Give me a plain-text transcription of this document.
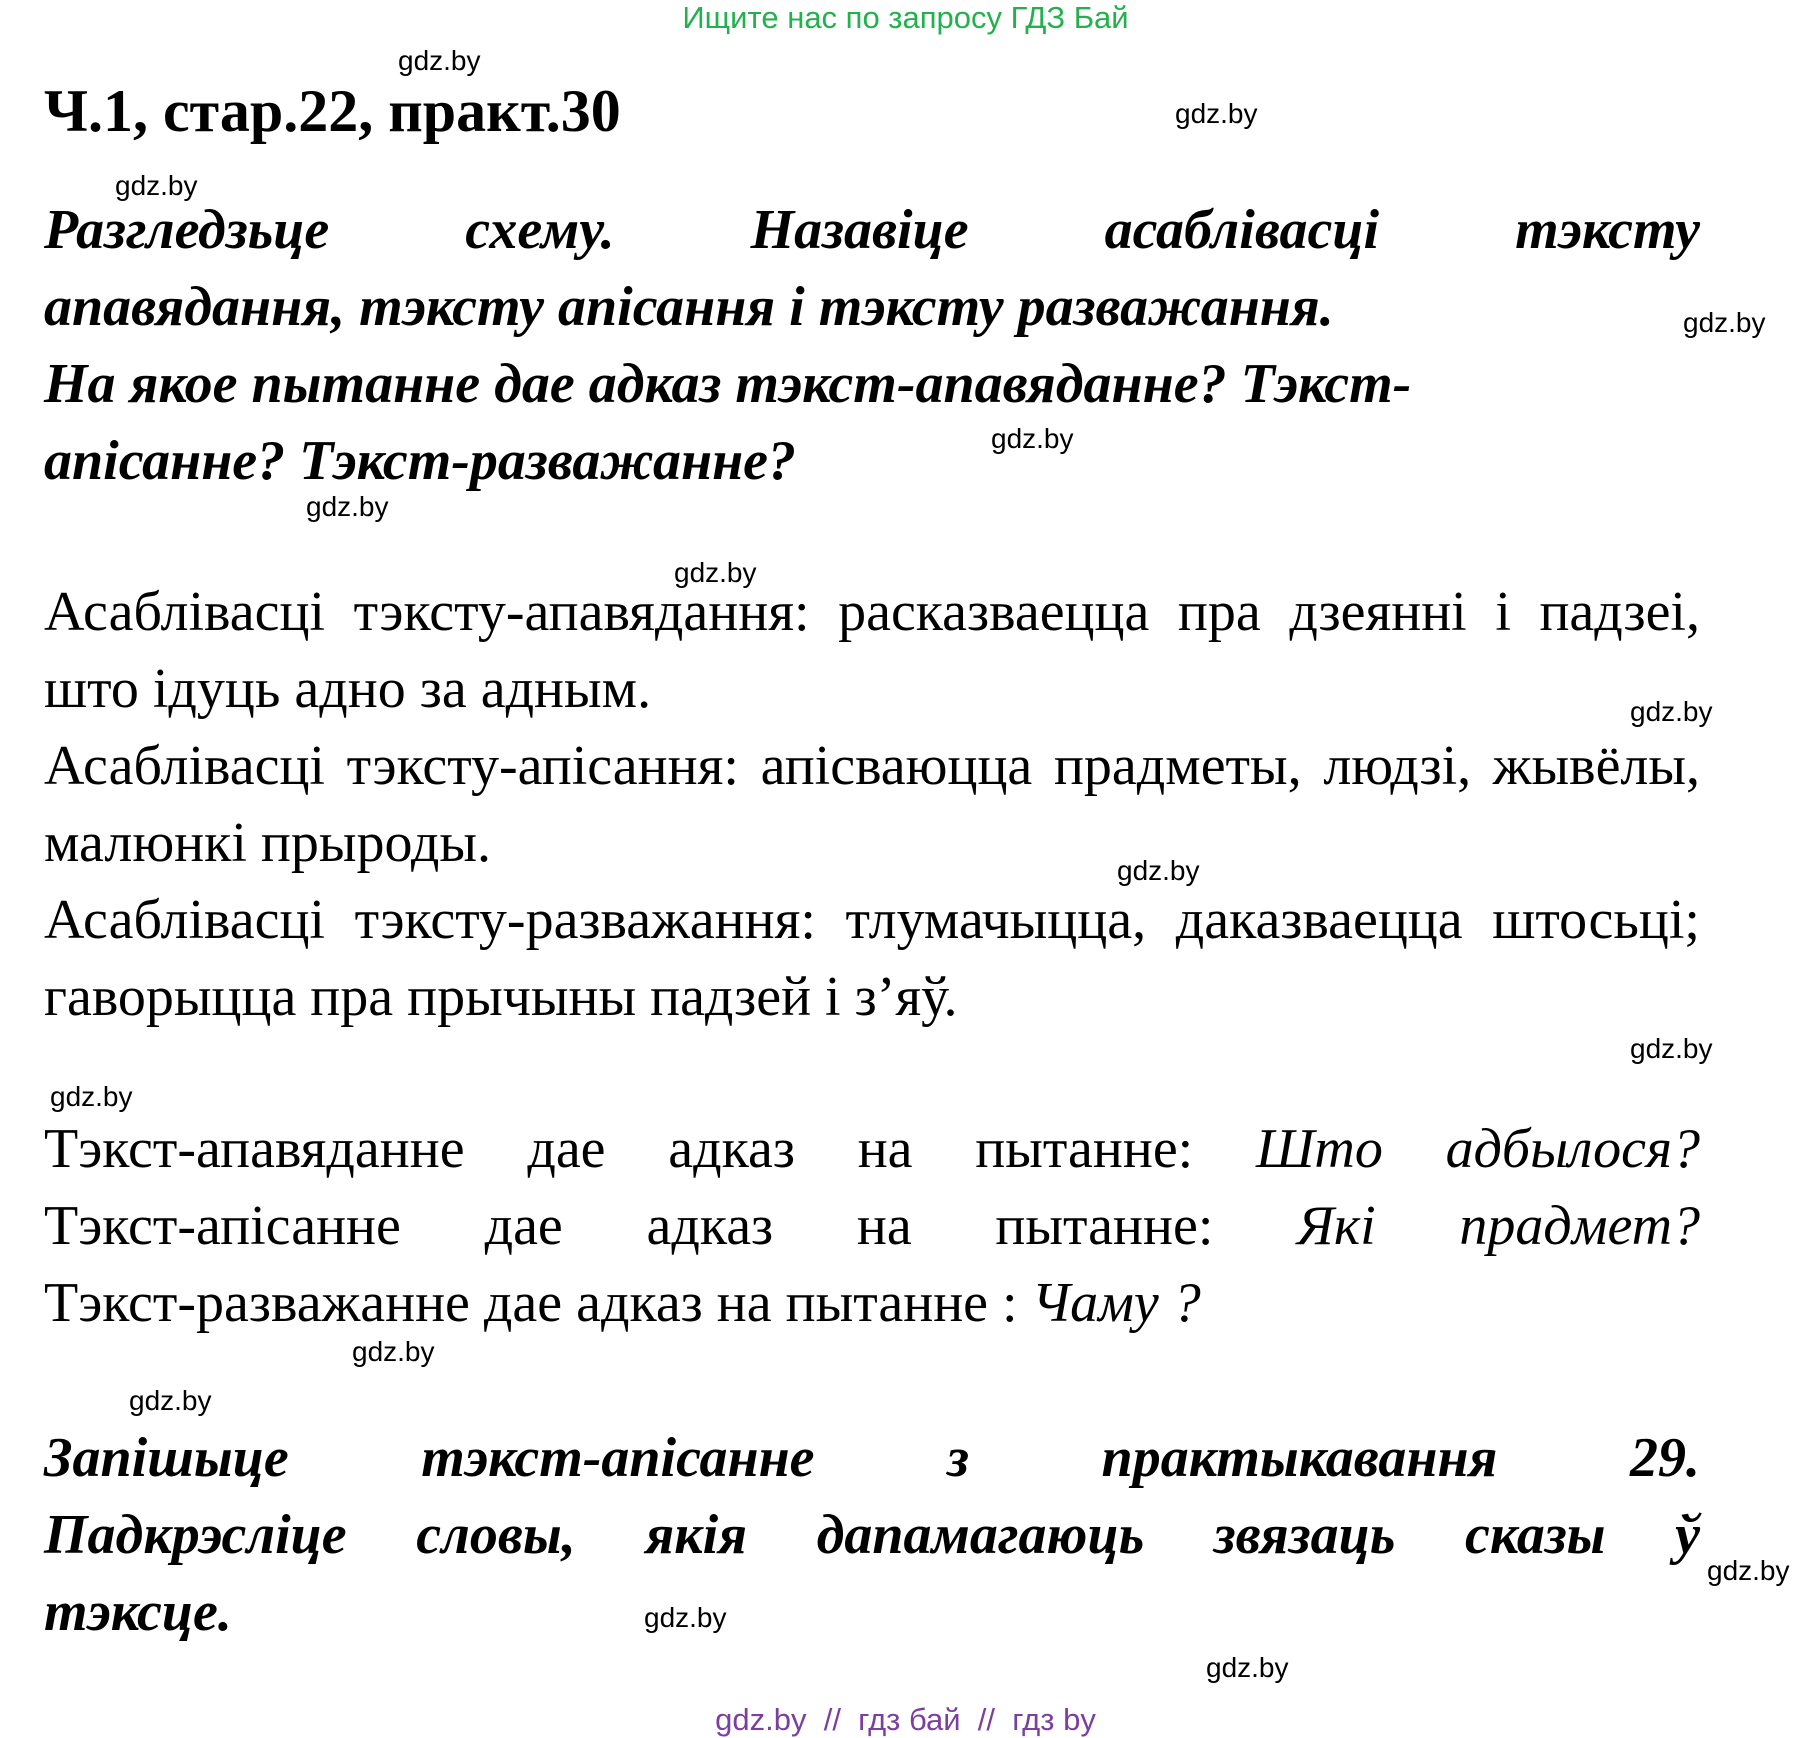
Ищите нас по запросу ГДЗ Бай
gdz.by
gdz.by
gdz.by
gdz.by
gdz.by
gdz.by
gdz.by
gdz.by
gdz.by
gdz.by
gdz.by
gdz.by
gdz.by
gdz.by
gdz.by
gdz.by
Ч.1, стар.22, практ.30
Разгледзьце схему. Назавіце асаблівасці тэксту
апавядання, тэксту апісання і тэксту разважання.
На якое пытанне дае адказ тэкст-апавяданне? Тэкст-
апісанне? Тэкст-разважанне?
Асаблівасці тэксту-апавядання: расказваецца пра дзеянні і падзеі, што ідуць адно за адным.
Асаблівасці тэксту-апісання: апісваюцца прадметы, людзі, жывёлы, малюнкі прыроды.
Асаблівасці тэксту-разважання: тлумачыцца, даказваецца штосьці; гаворыцца пра прычыны падзей і з’яў.
Тэкст-апавяданне дае адказ на пытанне: Што адбылося?
Тэкст-апісанне дае адказ на пытанне: Які прадмет?
Тэкст-разважанне дае адказ на пытанне : Чаму ?
Запішыце тэкст-апісанне з практыкавання 29.
Падкрэсліце словы, якія дапамагаюць звязаць сказы ў
тэксце.
gdz.by  //  гдз бай  //  гдз by
